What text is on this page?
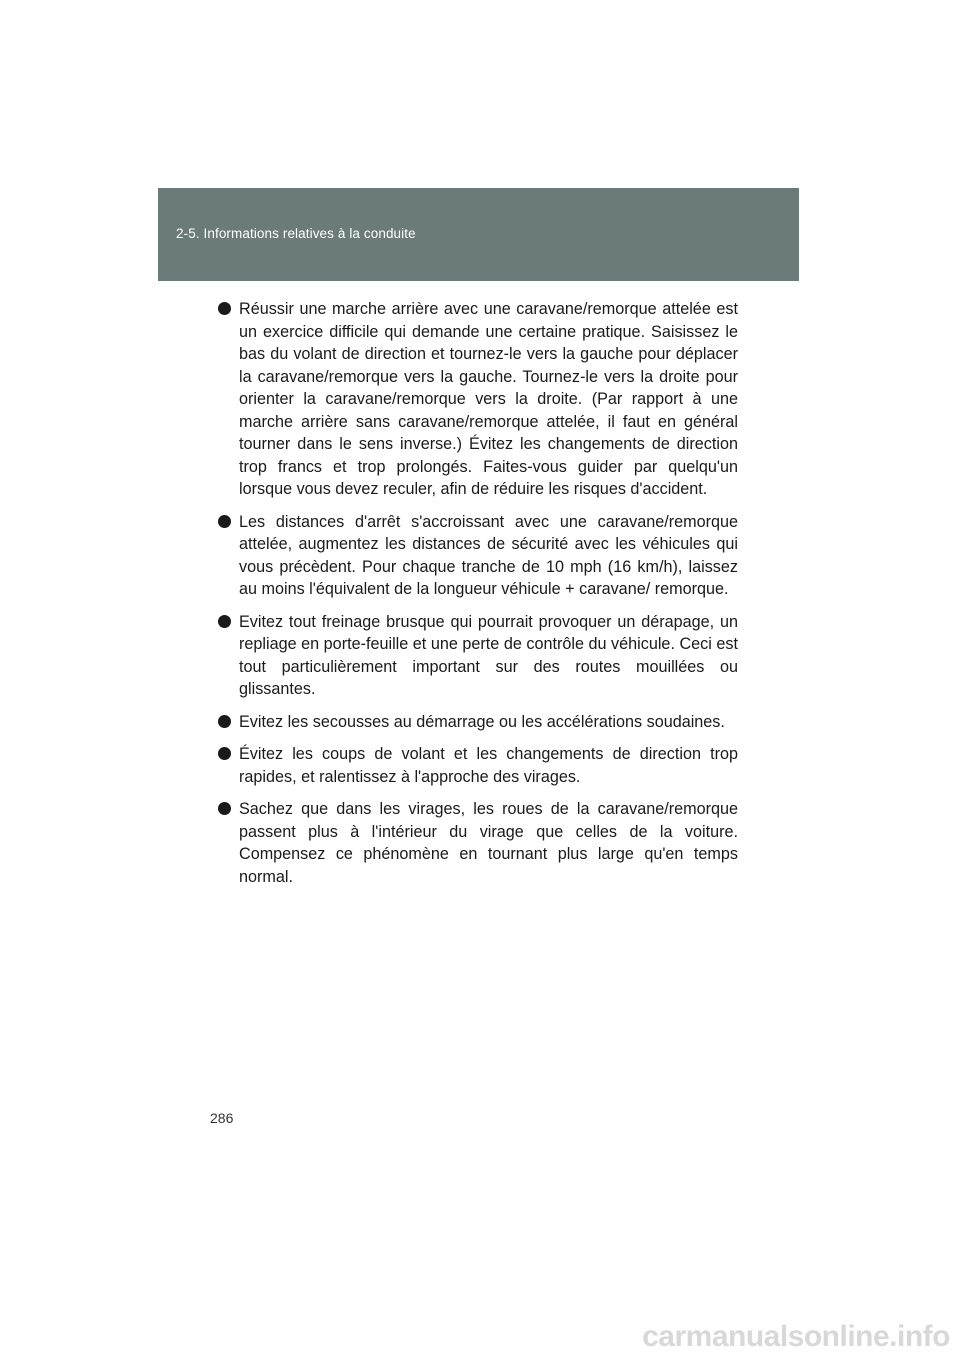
2-5. Informations relatives à la conduite
Réussir une marche arrière avec une caravane/remorque attelée est un exercice difficile qui demande une certaine pratique. Saisissez le bas du volant de direction et tournez-le vers la gauche pour déplacer la caravane/remorque vers la gauche. Tournez-le vers la droite pour orienter la caravane/remorque vers la droite. (Par rapport à une marche arrière sans caravane/remorque attelée, il faut en général tourner dans le sens inverse.) Évitez les changements de direction trop francs et trop prolongés. Faites-vous guider par quelqu'un lorsque vous devez reculer, afin de réduire les risques d'accident.
Les distances d'arrêt s'accroissant avec une caravane/remorque attelée, augmentez les distances de sécurité avec les véhicules qui vous précèdent. Pour chaque tranche de 10 mph (16 km/h), laissez au moins l'équivalent de la longueur véhicule + caravane/ remorque.
Evitez tout freinage brusque qui pourrait provoquer un dérapage, un repliage en porte-feuille et une perte de contrôle du véhicule. Ceci est tout particulièrement important sur des routes mouillées ou glissantes.
Evitez les secousses au démarrage ou les accélérations soudaines.
Évitez les coups de volant et les changements de direction trop rapides, et ralentissez à l'approche des virages.
Sachez que dans les virages, les roues de la caravane/remorque passent plus à l'intérieur du virage que celles de la voiture. Compensez ce phénomène en tournant plus large qu'en temps normal.
286
carmanualsonline.info
